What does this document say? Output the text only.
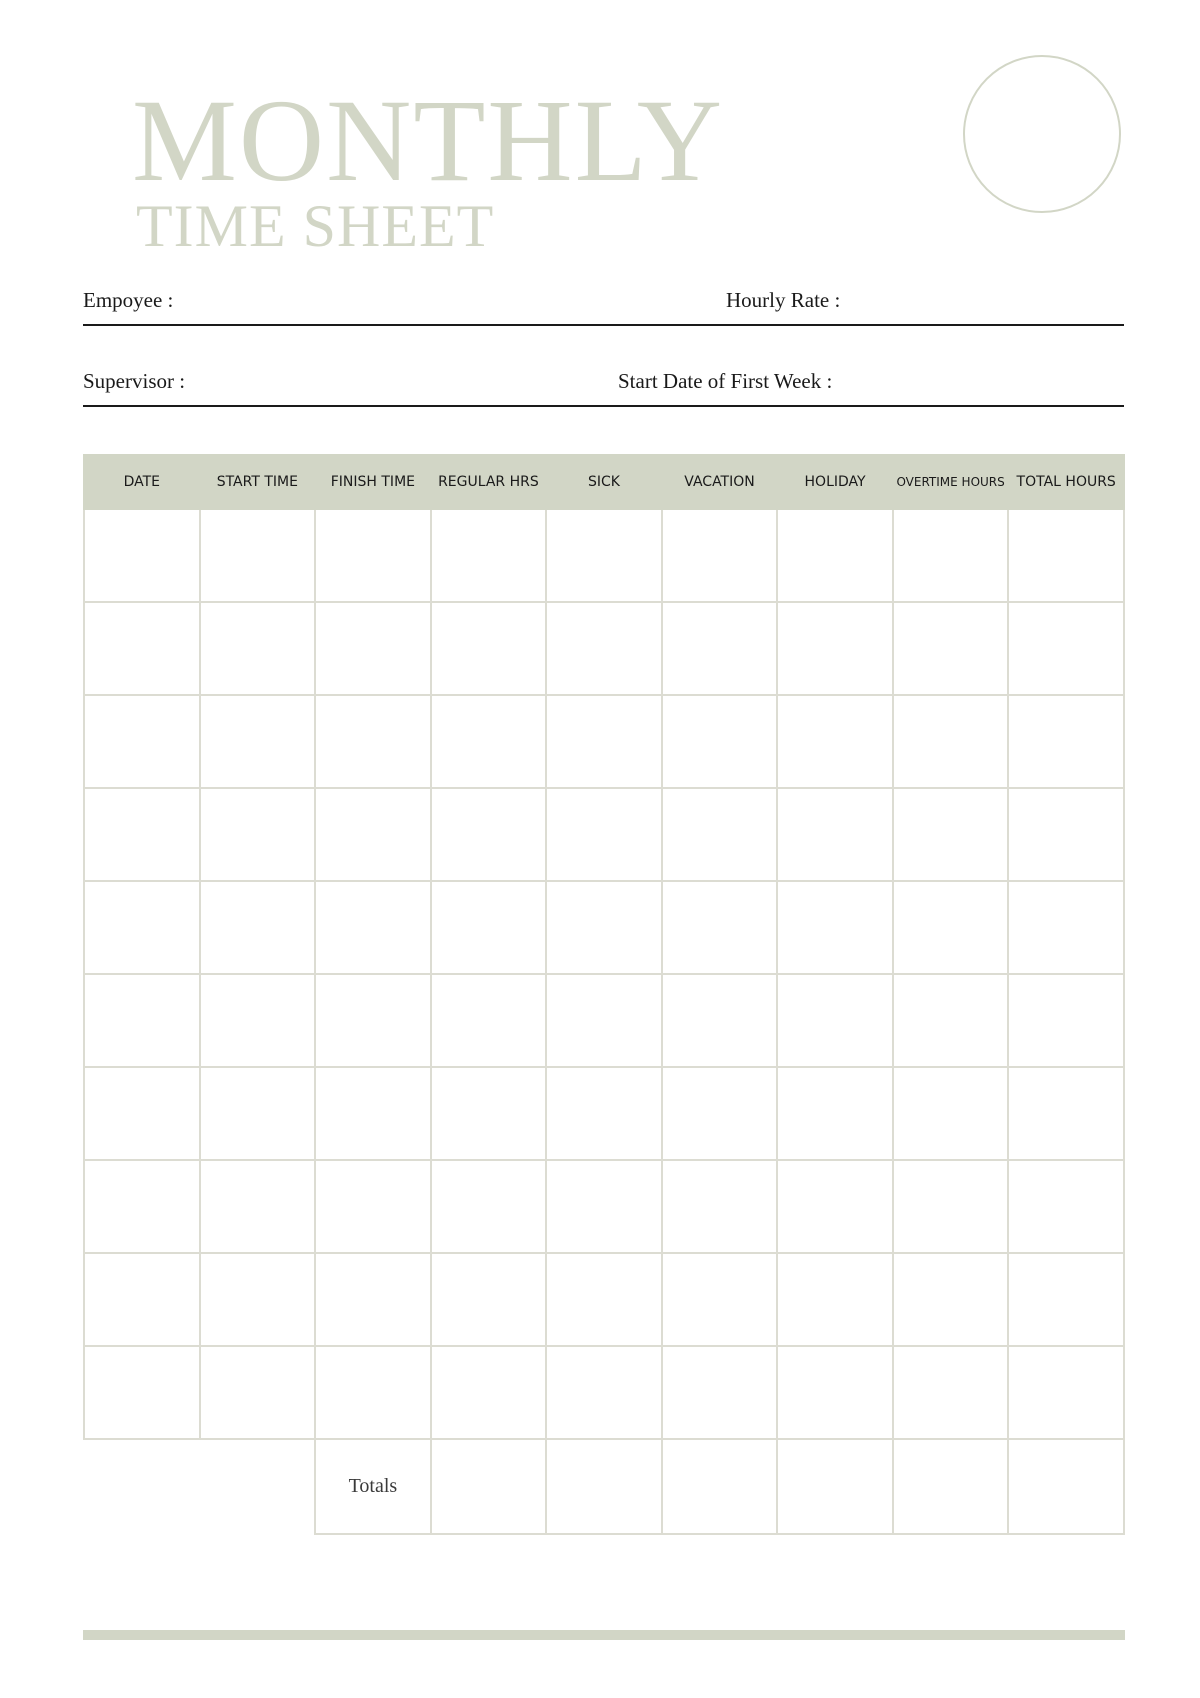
MONTHLY
TIME SHEET
Empoyee :	Hourly Rate :
Supervisor :	Start Date of First Week :
DATE	START TIME	FINISH TIME	REGULAR HRS	SICK	VACATION	HOLIDAY	OVERTIME HOURS	TOTAL HOURS

		Totals						
